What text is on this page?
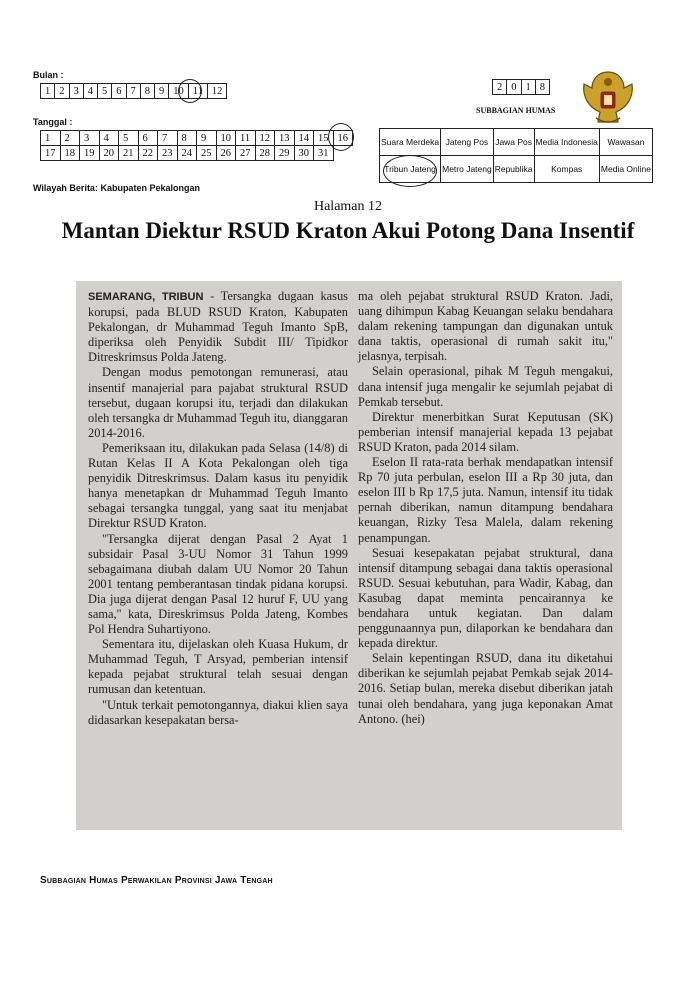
Bulan :
1	2	3	4	5	6	7	8	9	10	11	12
Tanggal :
1	2	3	4	5	6	7	8	9	10	11	12	13	14	15	16
17	18	19	20	21	22	23	24	25	26	27	28	29	30	31	
2	0	1	8
SUBBAGIAN HUMAS
Suara Merdeka	Jateng Pos	Jawa Pos	Media Indonesia	Wawasan
Tribun Jateng	Metro Jateng	Republika	Kompas	Media Online
Wilayah Berita: Kabupaten Pekalongan
Halaman 12
Mantan Diektur RSUD Kraton Akui Potong Dana Insentif

SEMARANG, TRIBUN - Tersangka dugaan kasus korupsi, pada BLUD RSUD Kraton, Kabupaten Pekalongan, dr Muhammad Teguh Imanto SpB, diperiksa oleh Penyidik Subdit III/ Tipidkor Ditreskrimsus Polda Jateng.

Dengan modus pemotongan remunerasi, atau insentif manajerial para pajabat struktural RSUD tersebut, dugaan korupsi itu, terjadi dan dilakukan oleh tersangka dr Muhammad Teguh itu, dianggaran 2014-2016.

Pemeriksaan itu, dilakukan pada Selasa (14/8) di Rutan Kelas II A Kota Pekalongan oleh tiga penyidik Ditreskrimsus. Dalam kasus itu penyidik hanya menetapkan dr Muhammad Teguh Imanto sebagai tersangka tunggal, yang saat itu menjabat Direktur RSUD Kraton.

"Tersangka dijerat dengan Pasal 2 Ayat 1 subsidair Pasal 3-UU Nomor 31 Tahun 1999 sebagaimana diubah dalam UU Nomor 20 Tahun 2001 tentang pemberantasan tindak pidana korupsi. Dia juga dijerat dengan Pasal 12 huruf F, UU yang sama," kata, Direskrimsus Polda Jateng, Kombes Pol Hendra Suhartiyono.

Sementara itu, dijelaskan oleh Kuasa Hukum, dr Muhammad Teguh, T Arsyad, pemberian intensif kepada pejabat struktural telah sesuai dengan rumusan dan ketentuan.

"Untuk terkait pemotongannya, diakui klien saya didasarkan kesepakatan bersa-

ma oleh pejabat struktural RSUD Kraton. Jadi, uang dihimpun Kabag Keuangan selaku bendahara dalam rekening tampungan dan digunakan untuk dana taktis, operasional di rumah sakit itu," jelasnya, terpisah.

Selain operasional, pihak M Teguh mengakui, dana intensif juga mengalir ke sejumlah pejabat di Pemkab tersebut.

Direktur menerbitkan Surat Keputusan (SK) pemberian intensif manajerial kepada 13 pejabat RSUD Kraton, pada 2014 silam.

Eselon II rata-rata berhak mendapatkan intensif Rp 70 juta perbulan, eselon III a Rp 30 juta, dan eselon III b Rp 17,5 juta. Namun, intensif itu tidak pernah diberikan, namun ditampung bendahara keuangan, Rizky Tesa Malela, dalam rekening penampungan.

Sesuai kesepakatan pejabat struktural, dana intensif ditampung sebagai dana taktis operasional RSUD. Sesuai kebutuhan, para Wadir, Kabag, dan Kasubag dapat meminta pencairannya ke bendahara untuk kegiatan. Dan dalam penggunaannya pun, dilaporkan ke bendahara dan kepada direktur.

Selain kepentingan RSUD, dana itu diketahui diberikan ke sejumlah pejabat Pemkab sejak 2014-2016. Setiap bulan, mereka disebut diberikan jatah tunai oleh bendahara, yang juga keponakan Amat Antono. (hei)

Subbagian Humas Perwakilan Provinsi Jawa Tengah
